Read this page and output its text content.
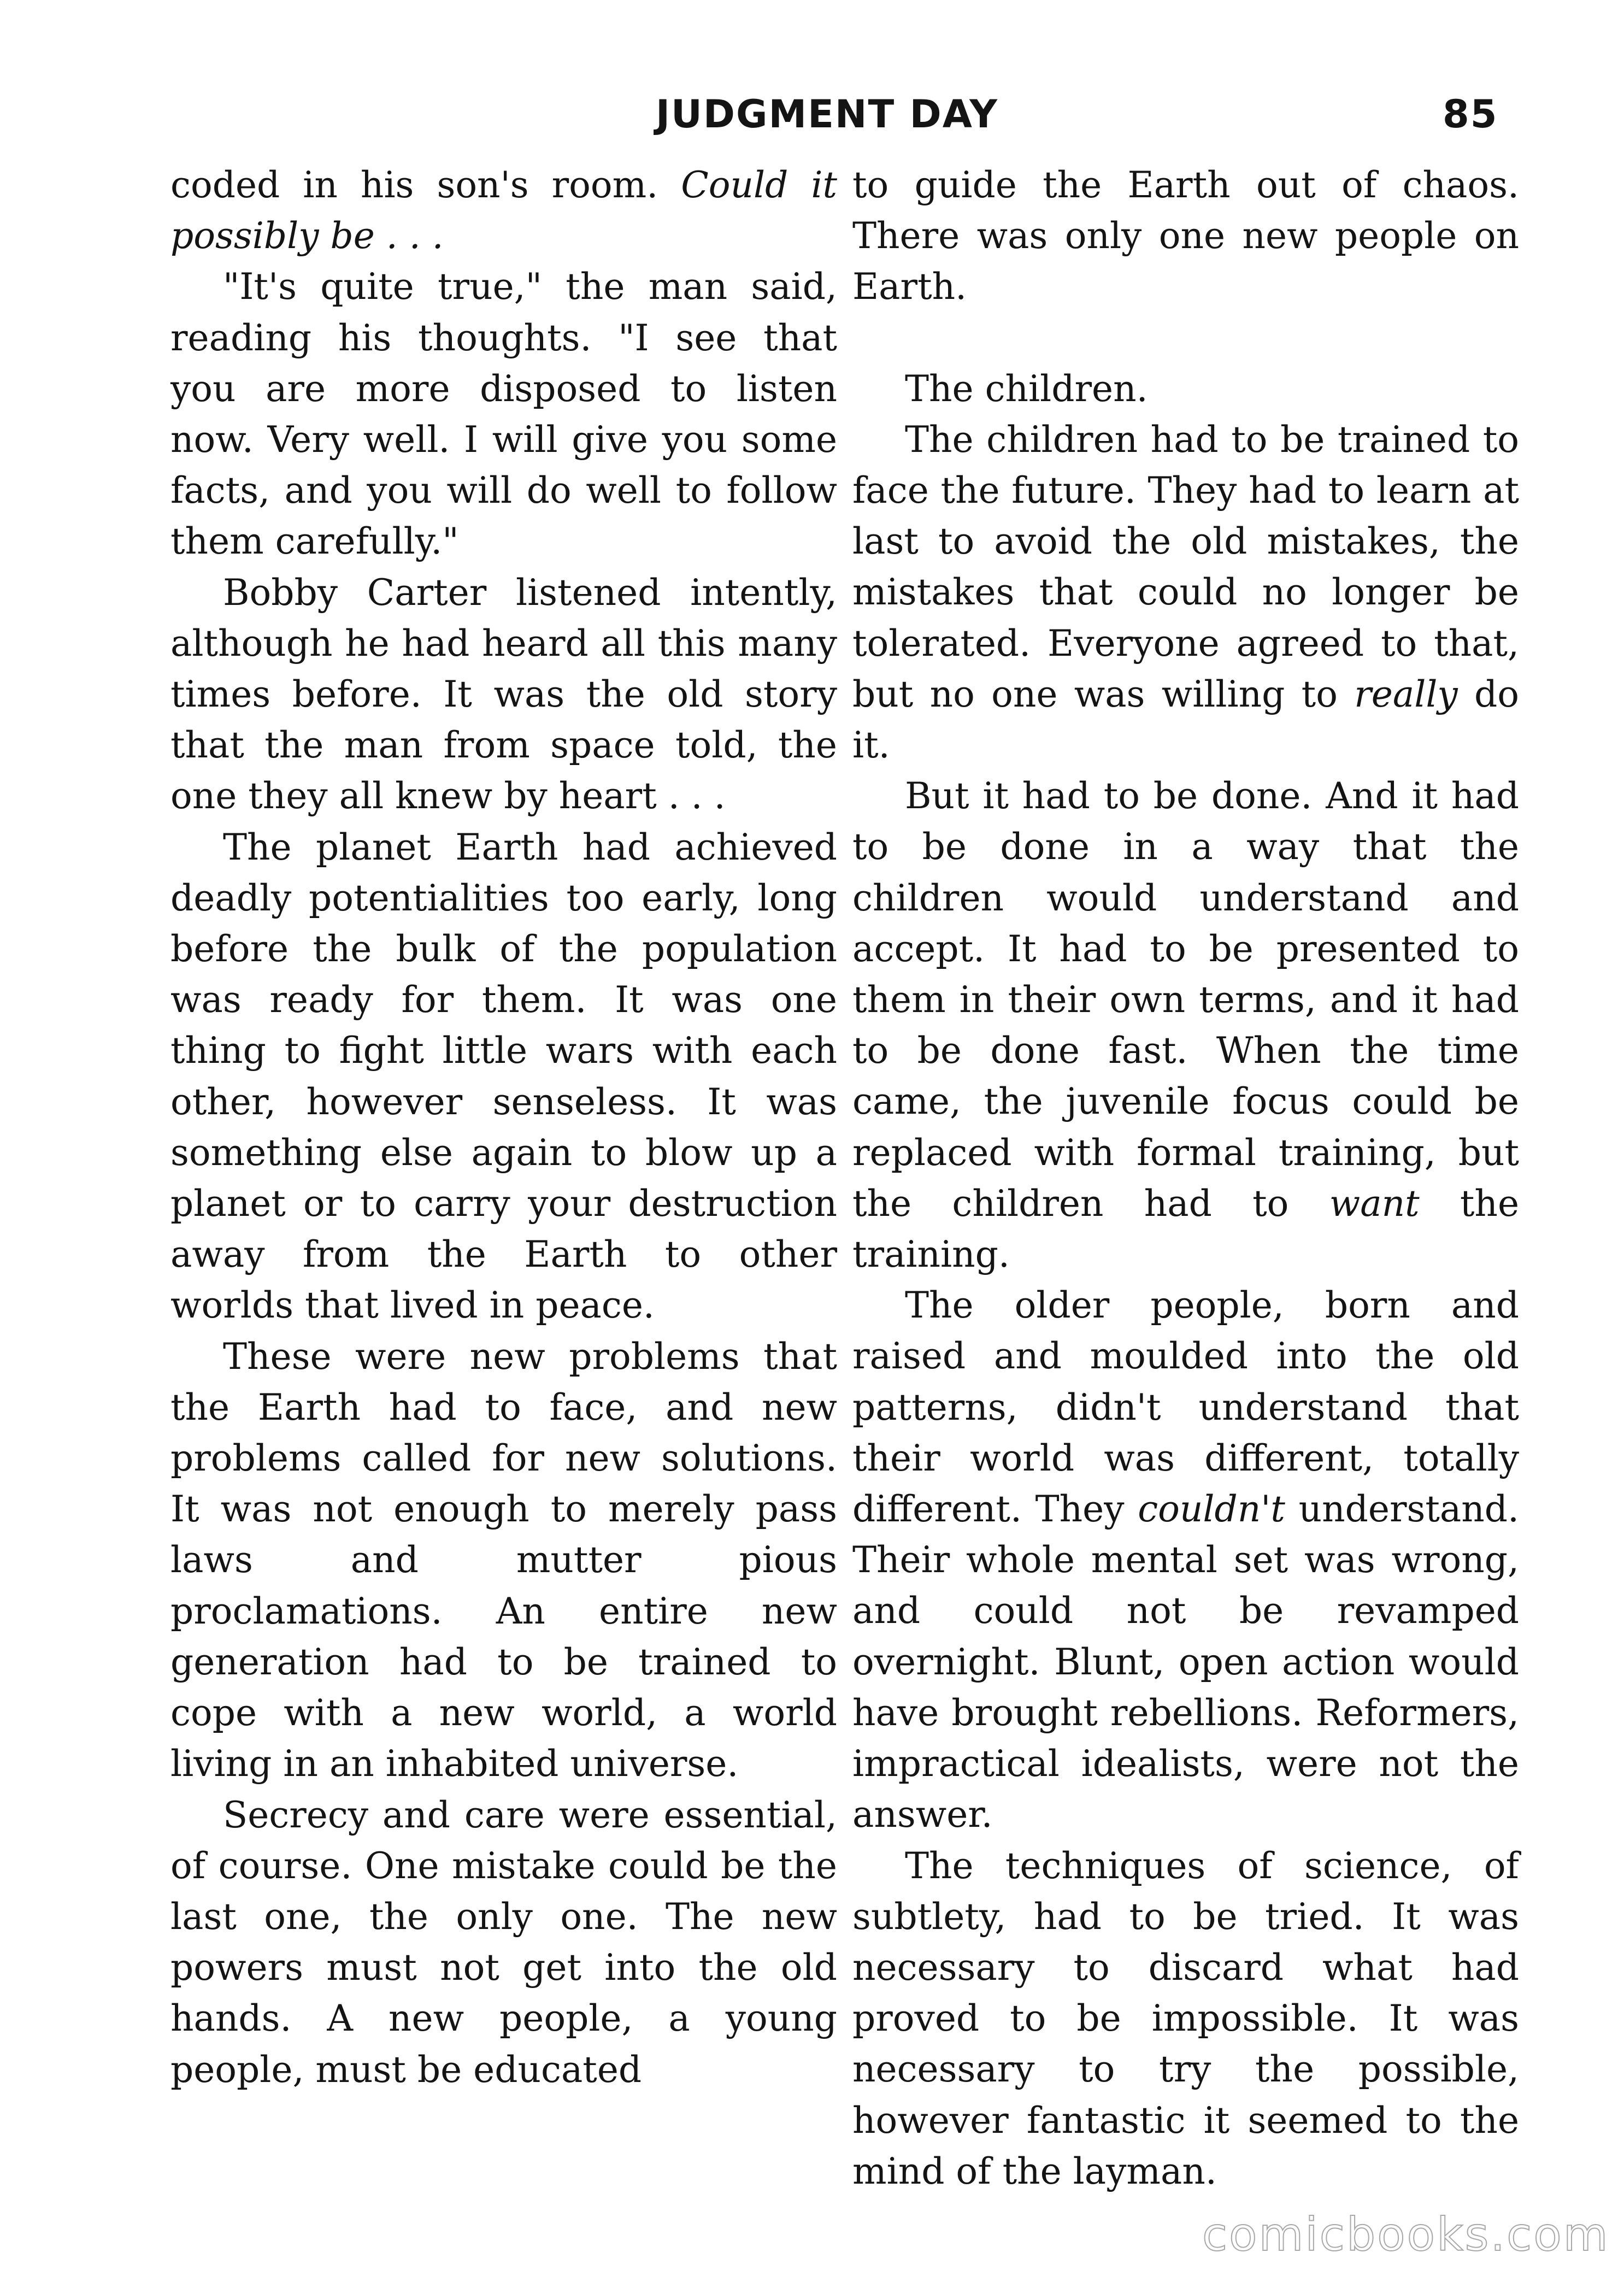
JUDGMENT DAY	85

coded in his son's room. Could it possibly be . . .

"It's quite true," the man said, reading his thoughts. "I see that you are more disposed to listen now. Very well. I will give you some facts, and you will do well to follow them carefully."

Bobby Carter listened intently, although he had heard all this many times before. It was the old story that the man from space told, the one they all knew by heart . . .

The planet Earth had achieved deadly potentialities too early, long before the bulk of the population was ready for them. It was one thing to fight little wars with each other, however senseless. It was something else again to blow up a planet or to carry your destruction away from the Earth to other worlds that lived in peace.

These were new problems that the Earth had to face, and new problems called for new solutions. It was not enough to merely pass laws and mutter pious proclamations. An entire new generation had to be trained to cope with a new world, a world living in an inhabited universe.

Secrecy and care were essential, of course. One mistake could be the last one, the only one. The new powers must not get into the old hands. A new people, a young people, must be educated

to guide the Earth out of chaos. There was only one new people on Earth.

The children.

The children had to be trained to face the future. They had to learn at last to avoid the old mistakes, the mistakes that could no longer be tolerated. Everyone agreed to that, but no one was willing to really do it.

But it had to be done. And it had to be done in a way that the children would understand and accept. It had to be presented to them in their own terms, and it had to be done fast. When the time came, the juvenile focus could be replaced with formal training, but the children had to want the training.

The older people, born and raised and moulded into the old patterns, didn't understand that their world was different, totally different. They couldn't understand. Their whole mental set was wrong, and could not be revamped overnight. Blunt, open action would have brought rebellions. Reformers, impractical idealists, were not the answer.

The techniques of science, of subtlety, had to be tried. It was necessary to discard what had proved to be impossible. It was necessary to try the possible, however fantastic it seemed to the mind of the layman.

comicbooks.com
